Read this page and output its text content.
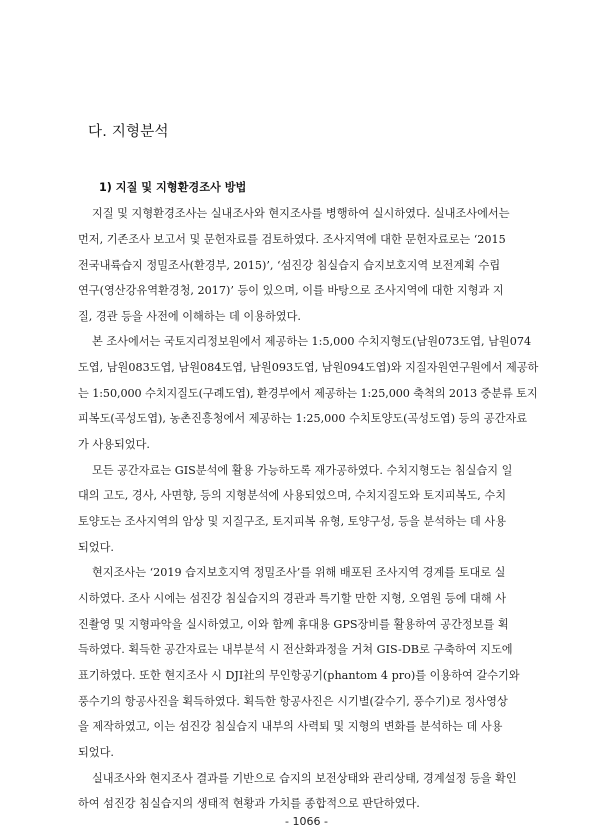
다. 지형분석
1) 지질 및 지형환경조사 방법
지질 및 지형환경조사는 실내조사와 현지조사를 병행하여 실시하였다. 실내조사에서는
먼저, 기존조사 보고서 및 문헌자료를 검토하였다. 조사지역에 대한 문헌자료로는 ‘2015
전국내륙습지 정밀조사(환경부, 2015)’, ‘섬진강 침실습지 습지보호지역 보전계획 수립
연구(영산강유역환경청, 2017)’ 등이 있으며, 이를 바탕으로 조사지역에 대한 지형과 지
질, 경관 등을 사전에 이해하는 데 이용하였다.
본 조사에서는 국토지리정보원에서 제공하는 1:5,000 수치지형도(남원073도엽, 남원074
도엽, 남원083도엽, 남원084도엽, 남원093도엽, 남원094도엽)와 지질자원연구원에서 제공하
는 1:50,000 수치지질도(구례도엽), 환경부에서 제공하는 1:25,000 축척의 2013 중분류 토지
피복도(곡성도엽), 농촌진흥청에서 제공하는 1:25,000 수치토양도(곡성도엽) 등의 공간자료
가 사용되었다.
모든 공간자료는 GIS분석에 활용 가능하도록 재가공하였다. 수치지형도는 침실습지 일
대의 고도, 경사, 사면향, 등의 지형분석에 사용되었으며, 수치지질도와 토지피복도, 수치
토양도는 조사지역의 암상 및 지질구조, 토지피복 유형, 토양구성, 등을 분석하는 데 사용
되었다.
현지조사는 ‘2019 습지보호지역 정밀조사’를 위해 배포된 조사지역 경계를 토대로 실
시하였다. 조사 시에는 섬진강 침실습지의 경관과 특기할 만한 지형, 오염원 등에 대해 사
진촬영 및 지형파악을 실시하였고, 이와 함께 휴대용 GPS장비를 활용하여 공간정보를 획
득하였다. 획득한 공간자료는 내부분석 시 전산화과정을 거쳐 GIS-DB로 구축하여 지도에
표기하였다. 또한 현지조사 시 DJI社의 무인항공기(phantom 4 pro)를 이용하여 갈수기와
풍수기의 항공사진을 획득하였다. 획득한 항공사진은 시기별(갈수기, 풍수기)로 정사영상
을 제작하였고, 이는 섬진강 침실습지 내부의 사력퇴 및 지형의 변화를 분석하는 데 사용
되었다.
실내조사와 현지조사 결과를 기반으로 습지의 보전상태와 관리상태, 경계설정 등을 확인
하여 섬진강 침실습지의 생태적 현황과 가치를 종합적으로 판단하였다.
- 1066 -
